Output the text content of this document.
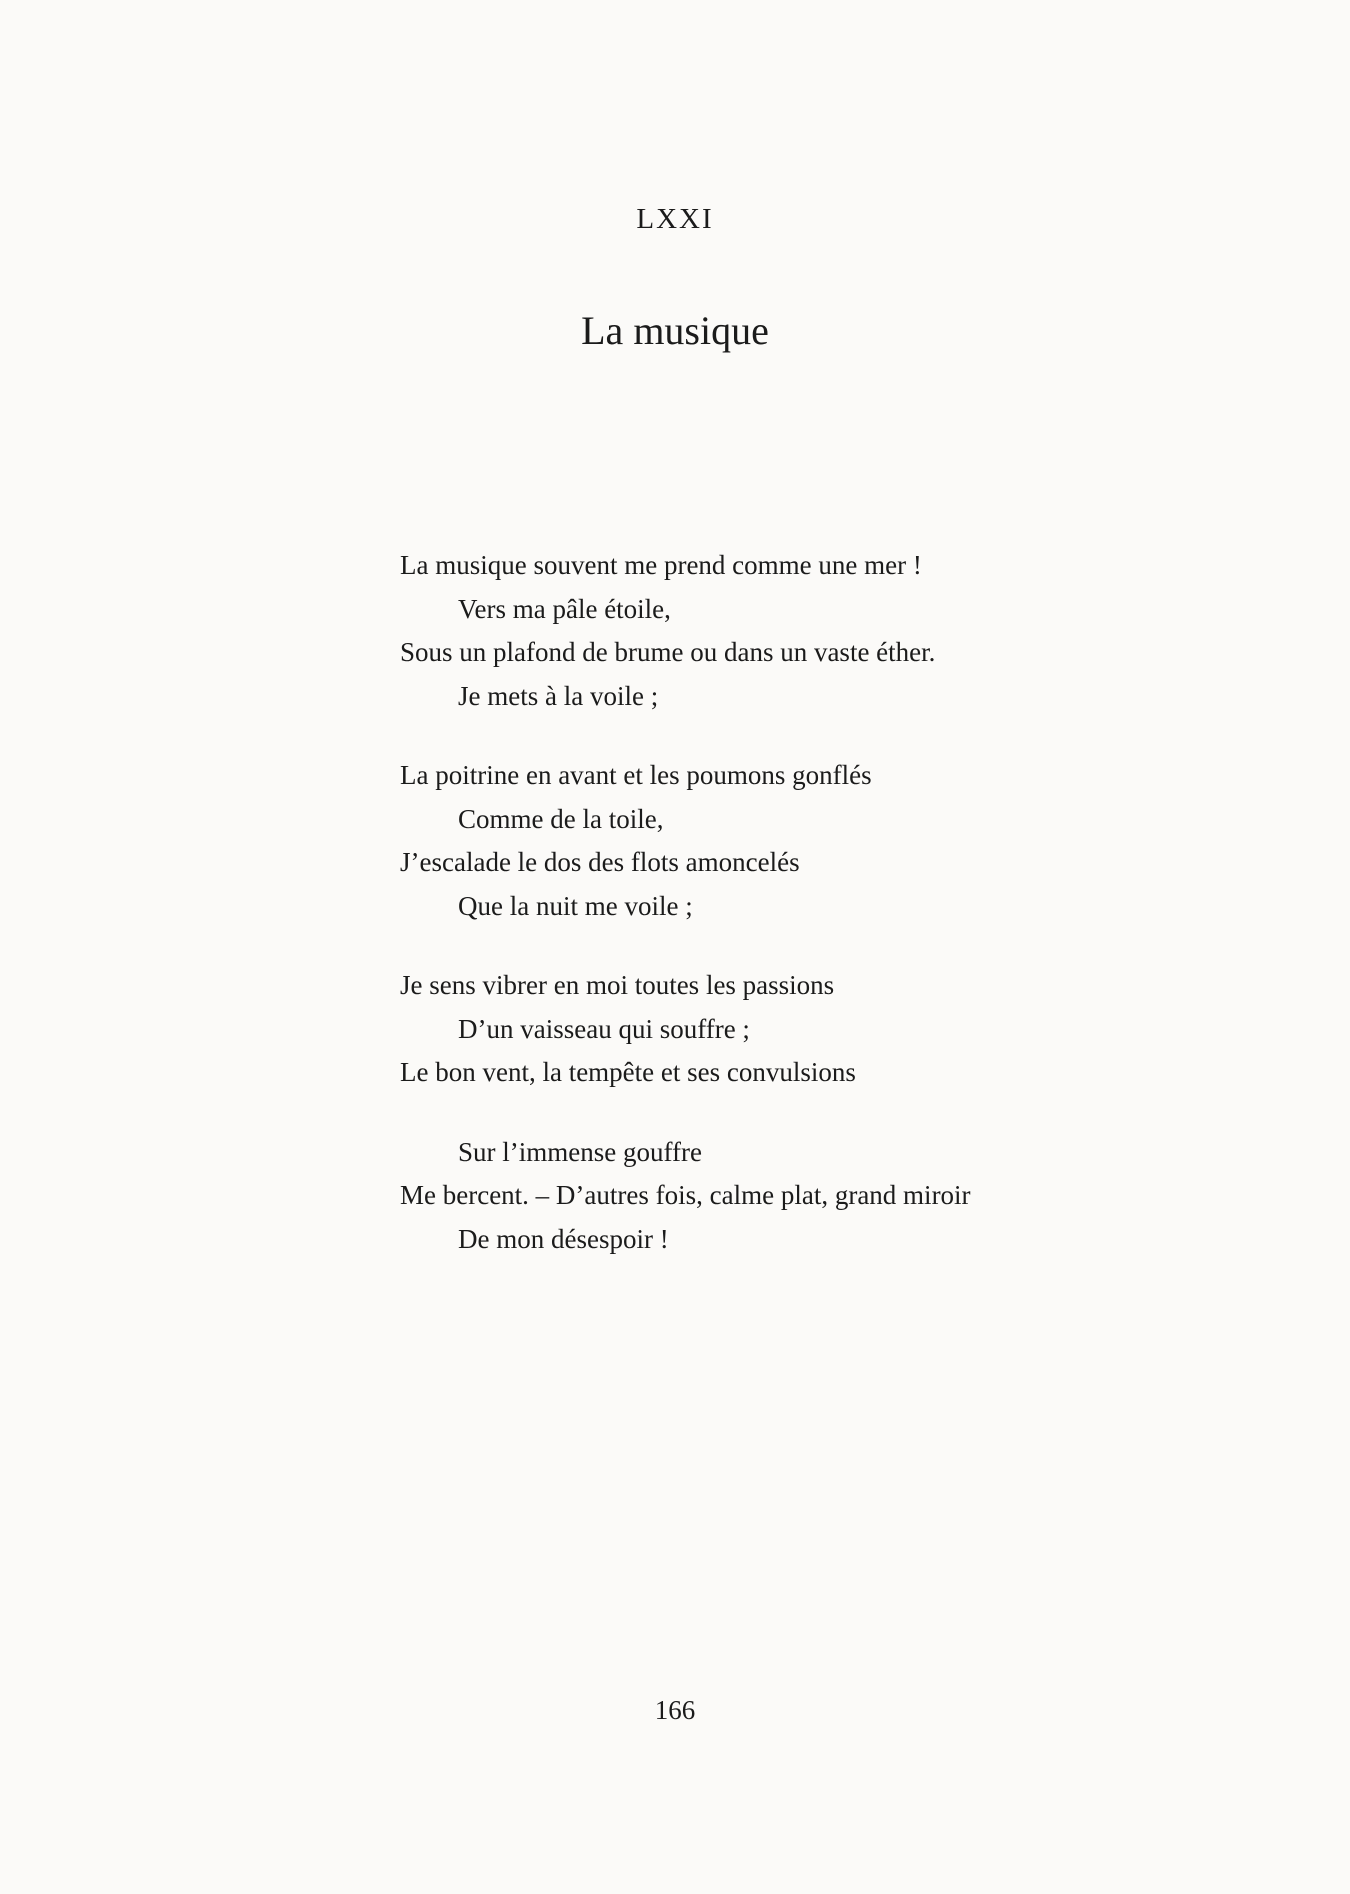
LXXI
La musique
La musique souvent me prend comme une mer !
Vers ma pâle étoile,
Sous un plafond de brume ou dans un vaste éther.
Je mets à la voile ;
La poitrine en avant et les poumons gonflés
Comme de la toile,
J’escalade le dos des flots amoncelés
Que la nuit me voile ;
Je sens vibrer en moi toutes les passions
D’un vaisseau qui souffre ;
Le bon vent, la tempête et ses convulsions
Sur l’immense gouffre
Me bercent. – D’autres fois, calme plat, grand miroir
De mon désespoir !
166
